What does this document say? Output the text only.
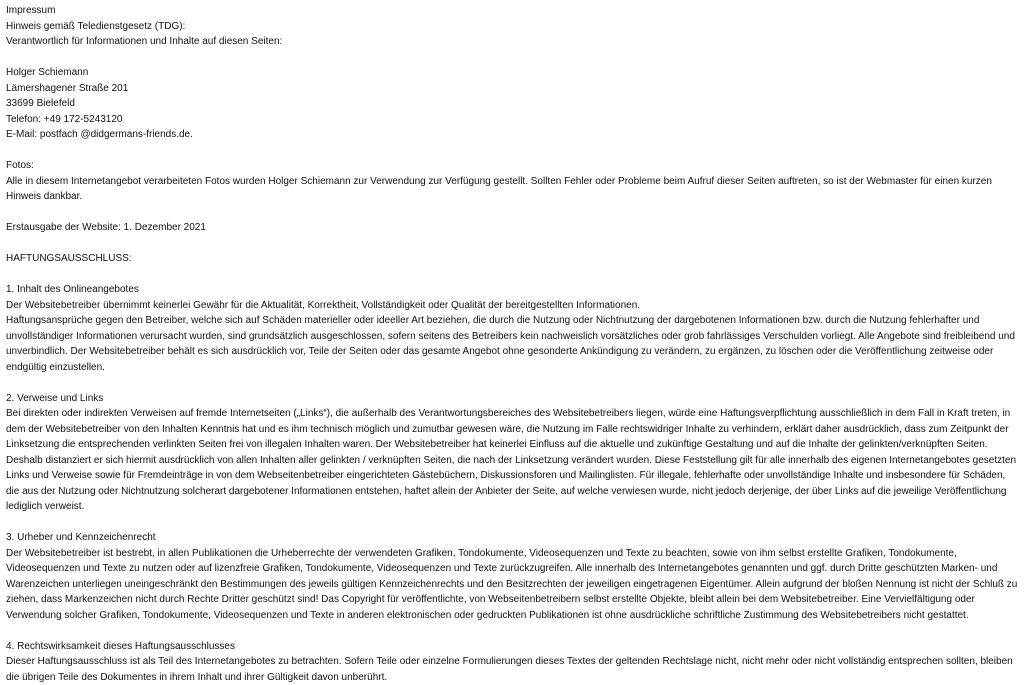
Impressum
Hinweis gemäß Teledienstgesetz (TDG):
Verantwortlich für Informationen und Inhalte auf diesen Seiten:
Holger Schiemann
Lämershagener Straße 201
33699 Bielefeld
Telefon: +49 172-5243120
E-Mail: postfach @didgermans-friends.de.
Fotos:

Alle in diesem Internetangebot verarbeiteten Fotos wurden Holger Schiemann zur Verwendung zur Verfügung gestellt. Sollten Fehler oder Probleme beim Aufruf dieser Seiten auftreten, so ist der Webmaster für einen kurzen Hinweis dankbar.

Erstausgabe der Website: 1. Dezember 2021
HAFTUNGSAUSSCHLUSS:
1. Inhalt des Onlineangebotes

Der Websitebetreiber übernimmt keinerlei Gewähr für die Aktualität, Korrektheit, Vollständigkeit oder Qualität der bereitgestellten Informationen.

Haftungsansprüche gegen den Betreiber, welche sich auf Schäden materieller oder ideeller Art beziehen, die durch die Nutzung oder Nichtnutzung der dargebotenen Informationen bzw. durch die Nutzung fehlerhafter und unvollständiger Informationen verursacht wurden, sind grundsätzlich ausgeschlossen, sofern seitens des Betreibers kein nachweislich vorsätzliches oder grob fahrlässiges Verschulden vorliegt. Alle Angebote sind freibleibend und unverbindlich. Der Websitebetreiber behält es sich ausdrücklich vor, Teile der Seiten oder das gesamte Angebot ohne gesonderte Ankündigung zu verändern, zu ergänzen, zu löschen oder die Veröffentlichung zeitweise oder endgültig einzustellen.

2. Verweise und Links

Bei direkten oder indirekten Verweisen auf fremde Internetseiten („Links“), die außerhalb des Verantwortungsbereiches des Websitebetreibers liegen, würde eine Haftungsverpflichtung ausschließlich in dem Fall in Kraft treten, in dem der Websitebetreiber von den Inhalten Kenntnis hat und es ihm technisch möglich und zumutbar gewesen wäre, die Nutzung im Falle rechtswidriger Inhalte zu verhindern, erklärt daher ausdrücklich, dass zum Zeitpunkt der Linksetzung die entsprechenden verlinkten Seiten frei von illegalen Inhalten waren. Der Websitebetreiber hat keinerlei Einfluss auf die aktuelle und zukünftige Gestaltung und auf die Inhalte der gelinkten/verknüpften Seiten. Deshalb distanziert er sich hiermit ausdrücklich von allen Inhalten aller gelinkten / verknüpften Seiten, die nach der Linksetzung verändert wurden. Diese Feststellung gilt für alle innerhalb des eigenen Internetangebotes gesetzten Links und Verweise sowie für Fremdeinträge in von dem Webseitenbetreiber eingerichteten Gästebüchern, Diskussionsforen und Mailinglisten. Für illegale, fehlerhafte oder unvollständige Inhalte und insbesondere für Schäden, die aus der Nutzung oder Nichtnutzung solcherart dargebotener Informationen entstehen, haftet allein der Anbieter der Seite, auf welche verwiesen wurde, nicht jedoch derjenige, der über Links auf die jeweilige Veröffentlichung lediglich verweist.

3. Urheber und Kennzeichenrecht

Der Websitebetreiber ist bestrebt, in allen Publikationen die Urheberrechte der verwendeten Grafiken, Tondokumente, Videosequenzen und Texte zu beachten, sowie von ihm selbst erstellte Grafiken, Tondokumente, Videosequenzen und Texte zu nutzen oder auf lizenzfreie Grafiken, Tondokumente, Videosequenzen und Texte zurückzugreifen. Alle innerhalb des Internetangebotes genannten und ggf. durch Dritte geschützten Marken- und Warenzeichen unterliegen uneingeschränkt den Bestimmungen des jeweils gültigen Kennzeichenrechts und den Besitzrechten der jeweiligen eingetragenen Eigentümer. Allein aufgrund der bloßen Nennung ist nicht der Schluß zu ziehen, dass Markenzeichen nicht durch Rechte Dritter geschützt sind! Das Copyright für veröffentlichte, von Webseitenbetreibern selbst erstellte Objekte, bleibt allein bei dem Websitebetreiber. Eine Vervielfältigung oder Verwendung solcher Grafiken, Tondokumente, Videosequenzen und Texte in anderen elektronischen oder gedruckten Publikationen ist ohne ausdrückliche schriftliche Zustimmung des Websitebetreibers nicht gestattet.

4. Rechtswirksamkeit dieses Haftungsausschlusses

Dieser Haftungsausschluss ist als Teil des Internetangebotes zu betrachten. Sofern Teile oder einzelne Formulierungen dieses Textes der geltenden Rechtslage nicht, nicht mehr oder nicht vollständig entsprechen sollten, bleiben die übrigen Teile des Dokumentes in ihrem Inhalt und ihrer Gültigkeit davon unberührt.
